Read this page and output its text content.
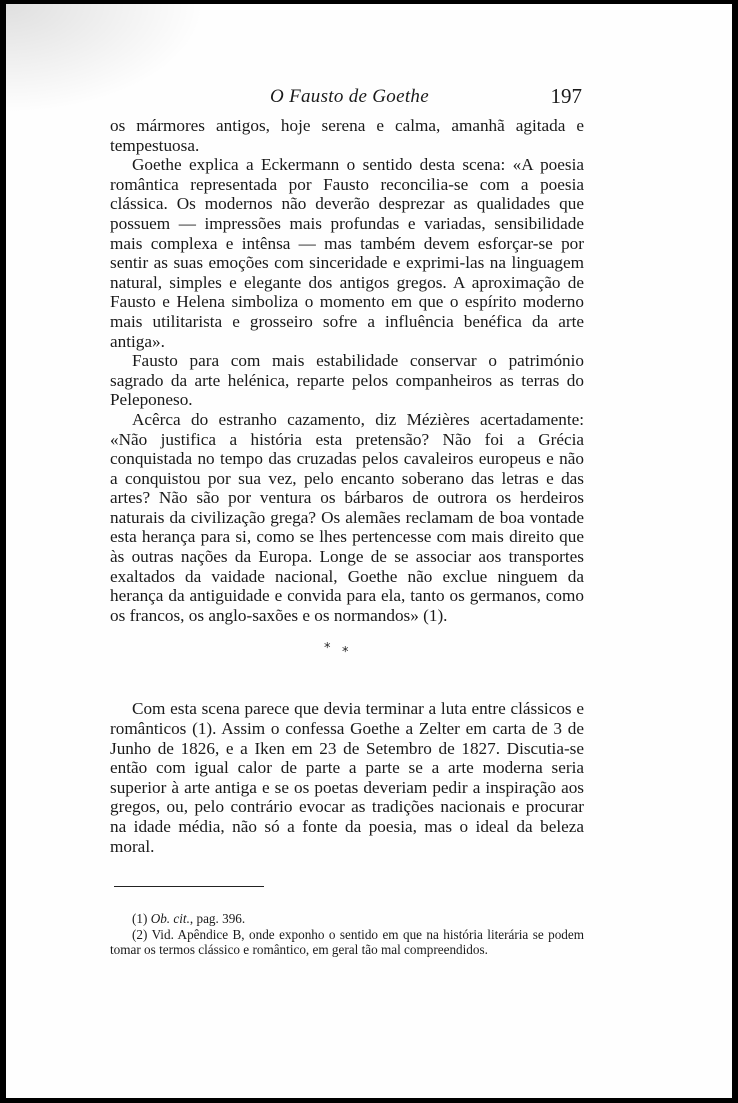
O Fausto de Goethe	197

os mármores antigos, hoje serena e calma, amanhã agitada e tempestuosa.

Goethe explica a Eckermann o sentido desta scena: «A poesia romântica representada por Fausto reconcilia-se com a poesia clássica. Os modernos não deverão desprezar as qualidades que possuem — impressões mais profundas e variadas, sensibilidade mais complexa e intênsa — mas também devem esforçar-se por sentir as suas emoções com sinceridade e exprimi-las na linguagem natural, simples e elegante dos antigos gregos. A aproximação de Fausto e Helena simboliza o momento em que o espírito moderno mais utilitarista e grosseiro sofre a influência benéfica da arte antiga».

Fausto para com mais estabilidade conservar o património sagrado da arte helénica, reparte pelos companheiros as terras do Peleponeso.

Acêrca do estranho cazamento, diz Mézières acertadamente: «Não justifica a história esta pretensão? Não foi a Grécia conquistada no tempo das cruzadas pelos cavaleiros europeus e não a conquistou por sua vez, pelo encanto soberano das letras e das artes? Não são por ventura os bárbaros de outrora os herdeiros naturais da civilização grega? Os alemães reclamam de boa vontade esta herança para si, como se lhes pertencesse com mais direito que às outras nações da Europa. Longe de se associar aos transportes exaltados da vaidade nacional, Goethe não exclue ninguem da herança da antiguidade e convida para ela, tanto os germanos, como os francos, os anglo-saxões e os normandos» (1).

* *

Com esta scena parece que devia terminar a luta entre clássicos e românticos (1). Assim o confessa Goethe a Zelter em carta de 3 de Junho de 1826, e a Iken em 23 de Setembro de 1827. Discutia-se então com igual calor de parte a parte se a arte moderna seria superior à arte antiga e se os poetas deveriam pedir a inspiração aos gregos, ou, pelo contrário evocar as tradições nacionais e procurar na idade média, não só a fonte da poesia, mas o ideal da beleza moral.

(1) Ob. cit., pag. 396.

(2) Vid. Apêndice B, onde exponho o sentido em que na história literária se podem tomar os termos clássico e romântico, em geral tão mal compreendidos.
